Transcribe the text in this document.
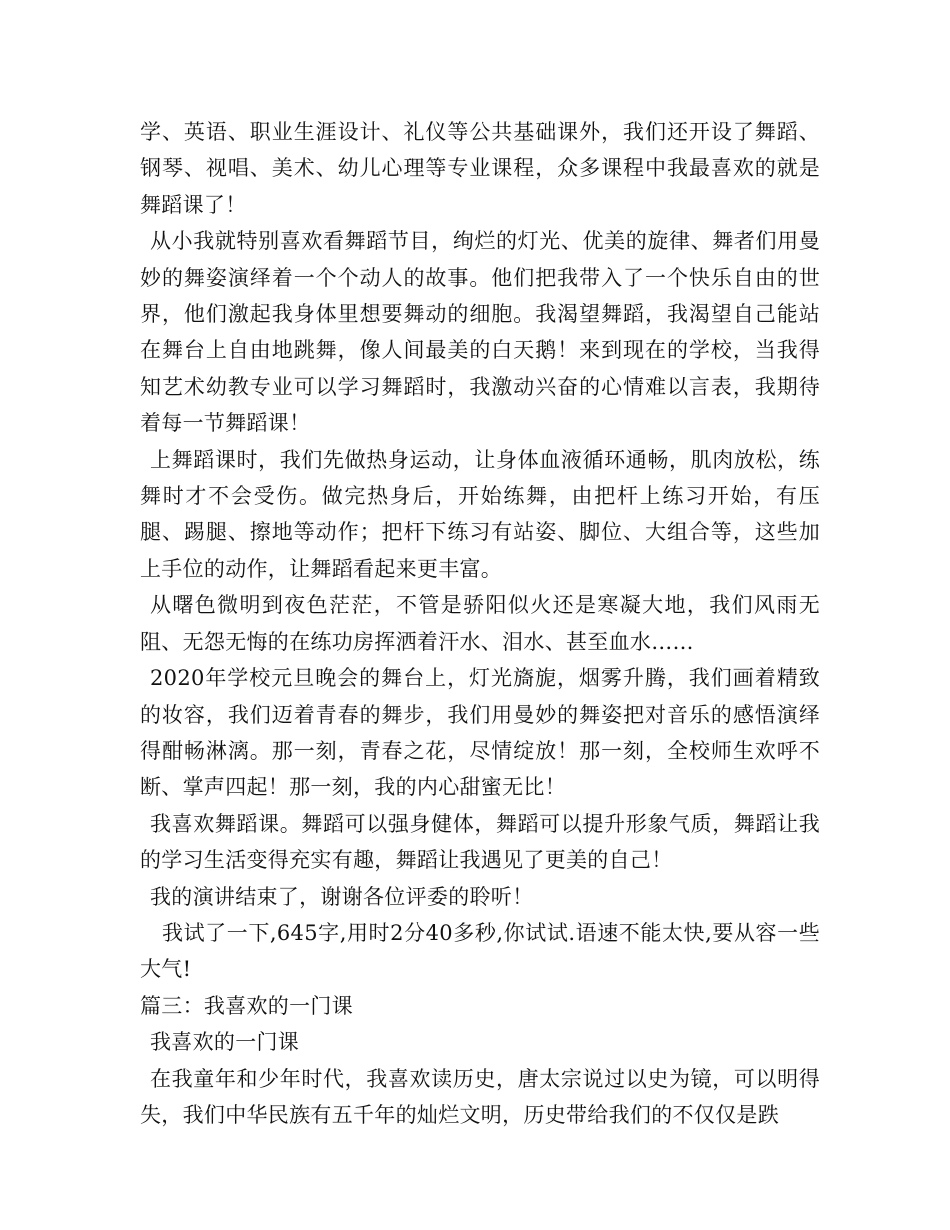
学、英语、职业生涯设计、礼仪等公共基础课外，我们还开设了舞蹈、钢琴、视唱、美术、幼儿心理等专业课程，众多课程中我最喜欢的就是舞蹈课了！

从小我就特别喜欢看舞蹈节目，绚烂的灯光、优美的旋律、舞者们用曼妙的舞姿演绎着一个个动人的故事。他们把我带入了一个快乐自由的世界，他们激起我身体里想要舞动的细胞。我渴望舞蹈，我渴望自己能站在舞台上自由地跳舞，像人间最美的白天鹅！来到现在的学校，当我得知艺术幼教专业可以学习舞蹈时，我激动兴奋的心情难以言表，我期待着每一节舞蹈课！

上舞蹈课时，我们先做热身运动，让身体血液循环通畅，肌肉放松，练舞时才不会受伤。做完热身后，开始练舞，由把杆上练习开始，有压腿、踢腿、擦地等动作；把杆下练习有站姿、脚位、大组合等，这些加上手位的动作，让舞蹈看起来更丰富。

从曙色微明到夜色茫茫，不管是骄阳似火还是寒凝大地，我们风雨无阻、无怨无悔的在练功房挥洒着汗水、泪水、甚至血水……

2020年学校元旦晚会的舞台上，灯光旖旎，烟雾升腾，我们画着精致的妆容，我们迈着青春的舞步，我们用曼妙的舞姿把对音乐的感悟演绎得酣畅淋漓。那一刻，青春之花，尽情绽放！那一刻，全校师生欢呼不断、掌声四起！那一刻，我的内心甜蜜无比！

我喜欢舞蹈课。舞蹈可以强身健体，舞蹈可以提升形象气质，舞蹈让我的学习生活变得充实有趣，舞蹈让我遇见了更美的自己！

我的演讲结束了，谢谢各位评委的聆听！

我试了一下,645字,用时2分40多秒,你试试.语速不能太快,要从容一些大气!

篇三：我喜欢的一门课

我喜欢的一门课

在我童年和少年时代，我喜欢读历史，唐太宗说过以史为镜，可以明得失，我们中华民族有五千年的灿烂文明，历史带给我们的不仅仅是跌
